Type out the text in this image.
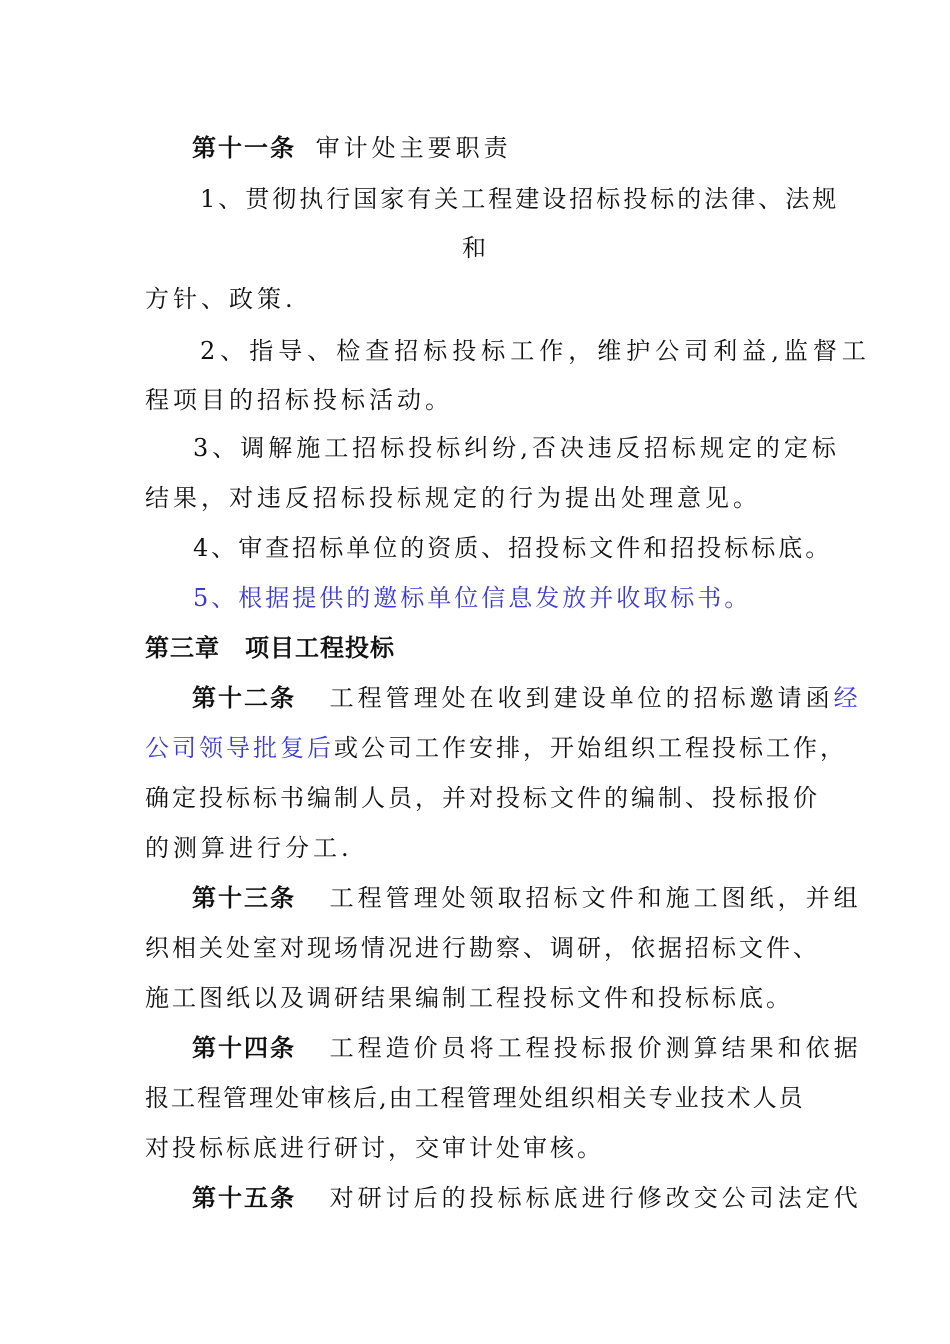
第十一条 审计处主要职责
1、贯彻执行国家有关工程建设招标投标的法律、法规
和
方针、政策.
2、指导、检查招标投标工作，维护公司利益,监督工
程项目的招标投标活动。
3、调解施工招标投标纠纷,否决违反招标规定的定标
结果，对违反招标投标规定的行为提出处理意见。
4、审查招标单位的资质、招投标文件和招投标标底。
5、根据提供的邀标单位信息发放并收取标书。
第三章　项目工程投标
第十二条 工程管理处在收到建设单位的招标邀请函经
公司领导批复后或公司工作安排，开始组织工程投标工作，
确定投标标书编制人员，并对投标文件的编制、投标报价
的测算进行分工.
第十三条 工程管理处领取招标文件和施工图纸，并组
织相关处室对现场情况进行勘察、调研，依据招标文件、
施工图纸以及调研结果编制工程投标文件和投标标底。
第十四条 工程造价员将工程投标报价测算结果和依据
报工程管理处审核后,由工程管理处组织相关专业技术人员
对投标标底进行研讨，交审计处审核。
第十五条 对研讨后的投标标底进行修改交公司法定代
